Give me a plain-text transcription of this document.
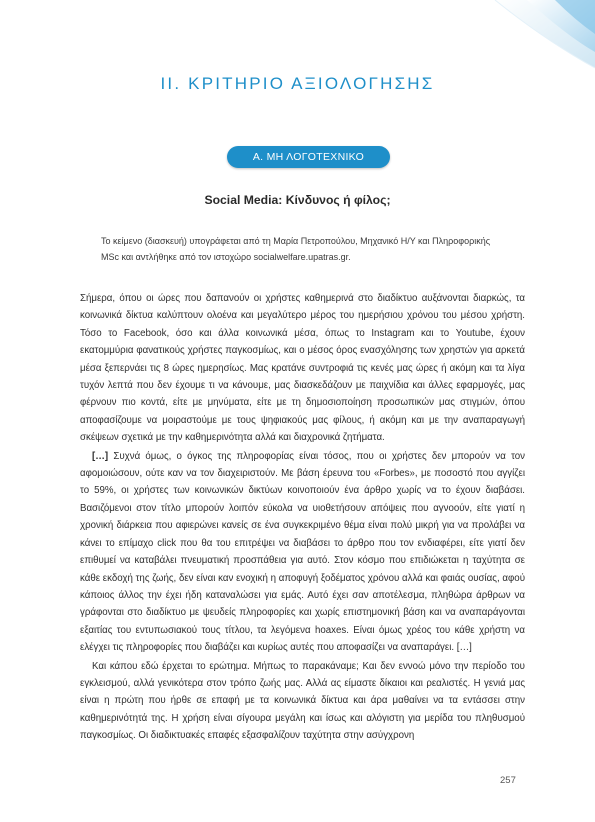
ΙΙ. ΚΡΙΤΗΡΙΟ ΑΞΙΟΛΟΓΗΣΗΣ
Α. ΜΗ ΛΟΓΟΤΕΧΝΙΚΟ ΚΕΙΜΕΝΟ
Social Media: Κίνδυνος ή φίλος;
Το κείμενο (διασκευή) υπογράφεται από τη Μαρία Πετροπούλου, Μηχανικό Η/Υ και Πληροφορικής MSc και αντλήθηκε από τον ιστοχώρο socialwelfare.upatras.gr.

Σήμερα, όπου οι ώρες που δαπανούν οι χρήστες καθημερινά στο διαδίκτυο αυξάνονται διαρκώς, τα κοινωνικά δίκτυα καλύπτουν ολοένα και μεγαλύτερο μέρος του ημερήσιου χρόνου του μέσου χρήστη. Τόσο το Facebook, όσο και άλλα κοινωνικά μέσα, όπως το Instagram και το Youtube, έχουν εκατομμύρια φανατικούς χρήστες παγκοσμίως, και ο μέσος όρος ενασχόλησης των χρηστών για αρκετά μέσα ξεπερνάει τις 8 ώρες ημερησίως. Μας κρατάνε συντροφιά τις κενές μας ώρες ή ακόμη και τα λίγα τυχόν λεπτά που δεν έχουμε τι να κάνουμε, μας διασκεδάζουν με παιχνίδια και άλλες εφαρμογές, μας φέρνουν πιο κοντά, είτε με μηνύματα, είτε με τη δημοσιοποίηση προσωπικών μας στιγμών, όπου αποφασίζουμε να μοιραστούμε με τους ψηφιακούς μας φίλους, ή ακόμη και με την αναπαραγωγή σκέψεων σχετικά με την καθημερινότητα αλλά και διαχρονικά ζητήματα.

[…] Συχνά όμως, ο όγκος της πληροφορίας είναι τόσος, που οι χρήστες δεν μπορούν να τον αφομοιώσουν, ούτε καν να τον διαχειριστούν. Με βάση έρευνα του «Forbes», με ποσοστό που αγγίζει το 59%, οι χρήστες των κοινωνικών δικτύων κοινοποιούν ένα άρθρο χωρίς να το έχουν διαβάσει. Βασιζόμενοι στον τίτλο μπορούν λοιπόν εύκολα να υιοθετήσουν απόψεις που αγνοούν, είτε γιατί η χρονική διάρκεια που αφιερώνει κανείς σε ένα συγκεκριμένο θέμα είναι πολύ μικρή για να προλάβει να κάνει το επίμαχο click που θα του επιτρέψει να διαβάσει το άρθρο που τον ενδιαφέρει, είτε γιατί δεν επιθυμεί να καταβάλει πνευματική προσπάθεια για αυτό. Στον κόσμο που επιδιώκεται η ταχύτητα σε κάθε εκδοχή της ζωής, δεν είναι καν ενοχική η αποφυγή ξοδέματος χρόνου αλλά και φαιάς ουσίας, αφού κάποιος άλλος την έχει ήδη καταναλώσει για εμάς. Αυτό έχει σαν αποτέλεσμα, πληθώρα άρθρων να γράφονται στο διαδίκτυο με ψευδείς πληροφορίες και χωρίς επιστημονική βάση και να αναπαράγονται εξαιτίας του εντυπωσιακού τους τίτλου, τα λεγόμενα hoaxes. Είναι όμως χρέος του κάθε χρήστη να ελέγχει τις πληροφορίες που διαβάζει και κυρίως αυτές που αποφασίζει να αναπαράγει. […]

Και κάπου εδώ έρχεται το ερώτημα. Μήπως το παρακάναμε; Και δεν εννοώ μόνο την περίοδο του εγκλεισμού, αλλά γενικότερα στον τρόπο ζωής μας. Αλλά ας είμαστε δίκαιοι και ρεαλιστές. Η γενιά μας είναι η πρώτη που ήρθε σε επαφή με τα κοινωνικά δίκτυα και άρα μαθαίνει να τα εντάσσει στην καθημερινότητά της. Η χρήση είναι σίγουρα μεγάλη και ίσως και αλόγιστη για μερίδα του πληθυσμού παγκοσμίως. Οι διαδικτυακές επαφές εξασφαλίζουν ταχύτητα στην ασύγχρονη

257
